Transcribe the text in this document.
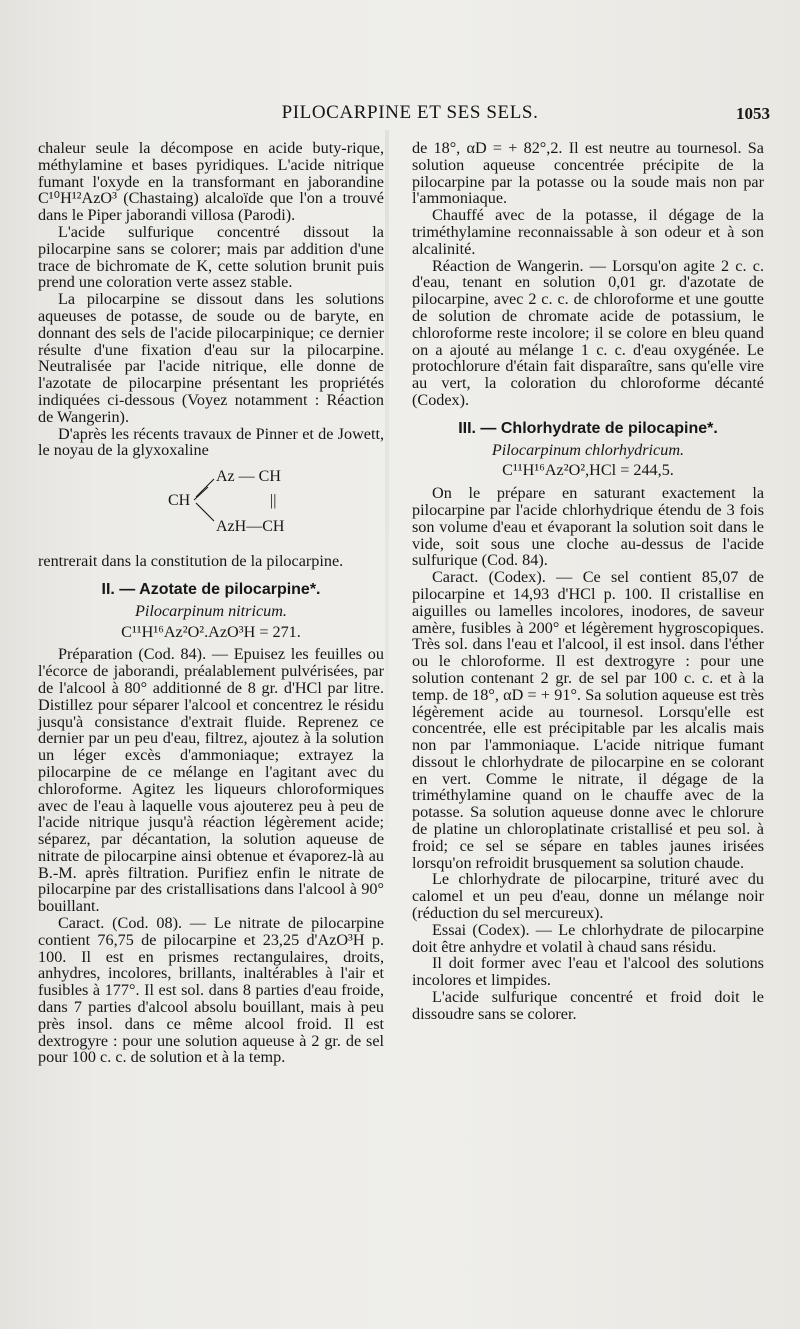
PILOCARPINE ET SES SELS.	1053

chaleur seule la décompose en acide buty-rique, méthylamine et bases pyridiques. L'acide nitrique fumant l'oxyde en la transformant en jaborandine C¹⁰H¹²AzO³ (Chastaing) alcaloïde que l'on a trouvé dans le Piper jaborandi villosa (Parodi).

L'acide sulfurique concentré dissout la pilocarpine sans se colorer; mais par addition d'une trace de bichromate de K, cette solution brunit puis prend une coloration verte assez stable.

La pilocarpine se dissout dans les solutions aqueuses de potasse, de soude ou de baryte, en donnant des sels de l'acide pilocarpinique; ce dernier résulte d'une fixation d'eau sur la pilocarpine. Neutralisée par l'acide nitrique, elle donne de l'azotate de pilocarpine présentant les propriétés indiquées ci-dessous (Voyez notamment : Réaction de Wangerin).

D'après les récents travaux de Pinner et de Jowett, le noyau de la glyxoxaline

Az — CH
CH	||
AzH—CH

rentrerait dans la constitution de la pilocarpine.

II. — Azotate de pilocarpine*.

Pilocarpinum nitricum.

C¹¹H¹⁶Az²O².AzO³H = 271.

Préparation (Cod. 84). — Epuisez les feuilles ou l'écorce de jaborandi, préalablement pulvérisées, par de l'alcool à 80° additionné de 8 gr. d'HCl par litre. Distillez pour séparer l'alcool et concentrez le résidu jusqu'à consistance d'extrait fluide. Reprenez ce dernier par un peu d'eau, filtrez, ajoutez à la solution un léger excès d'ammoniaque; extrayez la pilocarpine de ce mélange en l'agitant avec du chloroforme. Agitez les liqueurs chloroformiques avec de l'eau à laquelle vous ajouterez peu à peu de l'acide nitrique jusqu'à réaction légèrement acide; séparez, par décantation, la solution aqueuse de nitrate de pilocarpine ainsi obtenue et évaporez-là au B.-M. après filtration. Purifiez enfin le nitrate de pilocarpine par des cristallisations dans l'alcool à 90° bouillant.

Caract. (Cod. 08). — Le nitrate de pilocarpine contient 76,75 de pilocarpine et 23,25 d'AzO³H p. 100. Il est en prismes rectangulaires, droits, anhydres, incolores, brillants, inaltérables à l'air et fusibles à 177°. Il est sol. dans 8 parties d'eau froide, dans 7 parties d'alcool absolu bouillant, mais à peu près insol. dans ce même alcool froid. Il est dextrogyre : pour une solution aqueuse à 2 gr. de sel pour 100 c. c. de solution et à la temp.

de 18°, αD = + 82°,2. Il est neutre au tournesol. Sa solution aqueuse concentrée précipite de la pilocarpine par la potasse ou la soude mais non par l'ammoniaque.

Chauffé avec de la potasse, il dégage de la triméthylamine reconnaissable à son odeur et à son alcalinité.

Réaction de Wangerin. — Lorsqu'on agite 2 c. c. d'eau, tenant en solution 0,01 gr. d'azotate de pilocarpine, avec 2 c. c. de chloroforme et une goutte de solution de chromate acide de potassium, le chloroforme reste incolore; il se colore en bleu quand on a ajouté au mélange 1 c. c. d'eau oxygénée. Le protochlorure d'étain fait disparaître, sans qu'elle vire au vert, la coloration du chloroforme décanté (Codex).

III. — Chlorhydrate de pilocapine*.

Pilocarpinum chlorhydricum.

C¹¹H¹⁶Az²O²,HCl = 244,5.

On le prépare en saturant exactement la pilocarpine par l'acide chlorhydrique étendu de 3 fois son volume d'eau et évaporant la solution soit dans le vide, soit sous une cloche au-dessus de l'acide sulfurique (Cod. 84).

Caract. (Codex). — Ce sel contient 85,07 de pilocarpine et 14,93 d'HCl p. 100. Il cristallise en aiguilles ou lamelles incolores, inodores, de saveur amère, fusibles à 200° et légèrement hygroscopiques. Très sol. dans l'eau et l'alcool, il est insol. dans l'éther ou le chloroforme. Il est dextrogyre : pour une solution contenant 2 gr. de sel par 100 c. c. et à la temp. de 18°, αD = + 91°. Sa solution aqueuse est très légèrement acide au tournesol. Lorsqu'elle est concentrée, elle est précipitable par les alcalis mais non par l'ammoniaque. L'acide nitrique fumant dissout le chlorhydrate de pilocarpine en se colorant en vert. Comme le nitrate, il dégage de la triméthylamine quand on le chauffe avec de la potasse. Sa solution aqueuse donne avec le chlorure de platine un chloroplatinate cristallisé et peu sol. à froid; ce sel se sépare en tables jaunes irisées lorsqu'on refroidit brusquement sa solution chaude.

Le chlorhydrate de pilocarpine, trituré avec du calomel et un peu d'eau, donne un mélange noir (réduction du sel mercureux).

Essai (Codex). — Le chlorhydrate de pilocarpine doit être anhydre et volatil à chaud sans résidu.

Il doit former avec l'eau et l'alcool des solutions incolores et limpides.

L'acide sulfurique concentré et froid doit le dissoudre sans se colorer.
